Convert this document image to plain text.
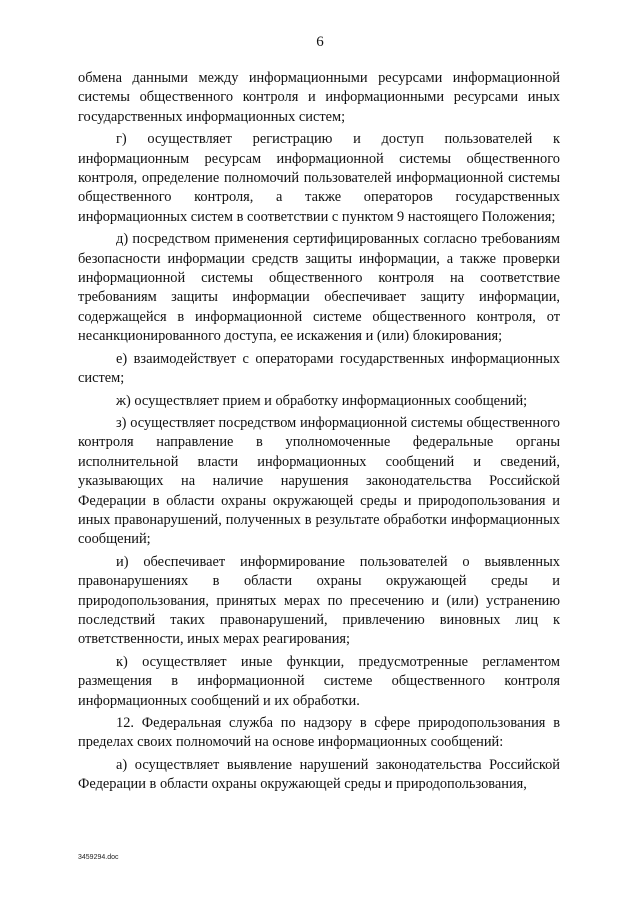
6

обмена данными между информационными ресурсами информационной системы общественного контроля и информационными ресурсами иных государственных информационных систем;

г) осуществляет регистрацию и доступ пользователей к информационным ресурсам информационной системы общественного контроля, определение полномочий пользователей информационной системы общественного контроля, а также операторов государственных информационных систем в соответствии с пунктом 9 настоящего Положения;

д) посредством применения сертифицированных согласно требованиям безопасности информации средств защиты информации, а также проверки информационной системы общественного контроля на соответствие требованиям защиты информации обеспечивает защиту информации, содержащейся в информационной системе общественного контроля, от несанкционированного доступа, ее искажения и (или) блокирования;

е) взаимодействует с операторами государственных информационных систем;

ж) осуществляет прием и обработку информационных сообщений;

з) осуществляет посредством информационной системы общественного контроля направление в уполномоченные федеральные органы исполнительной власти информационных сообщений и сведений, указывающих на наличие нарушения законодательства Российской Федерации в области охраны окружающей среды и природопользования и иных правонарушений, полученных в результате обработки информационных сообщений;

и) обеспечивает информирование пользователей о выявленных правонарушениях в области охраны окружающей среды и природопользования, принятых мерах по пресечению и (или) устранению последствий таких правонарушений, привлечению виновных лиц к ответственности, иных мерах реагирования;

к) осуществляет иные функции, предусмотренные регламентом размещения в информационной системе общественного контроля информационных сообщений и их обработки.

12. Федеральная служба по надзору в сфере природопользования в пределах своих полномочий на основе информационных сообщений:

а) осуществляет выявление нарушений законодательства Российской Федерации в области охраны окружающей среды и природопользования,

3459294.doc
